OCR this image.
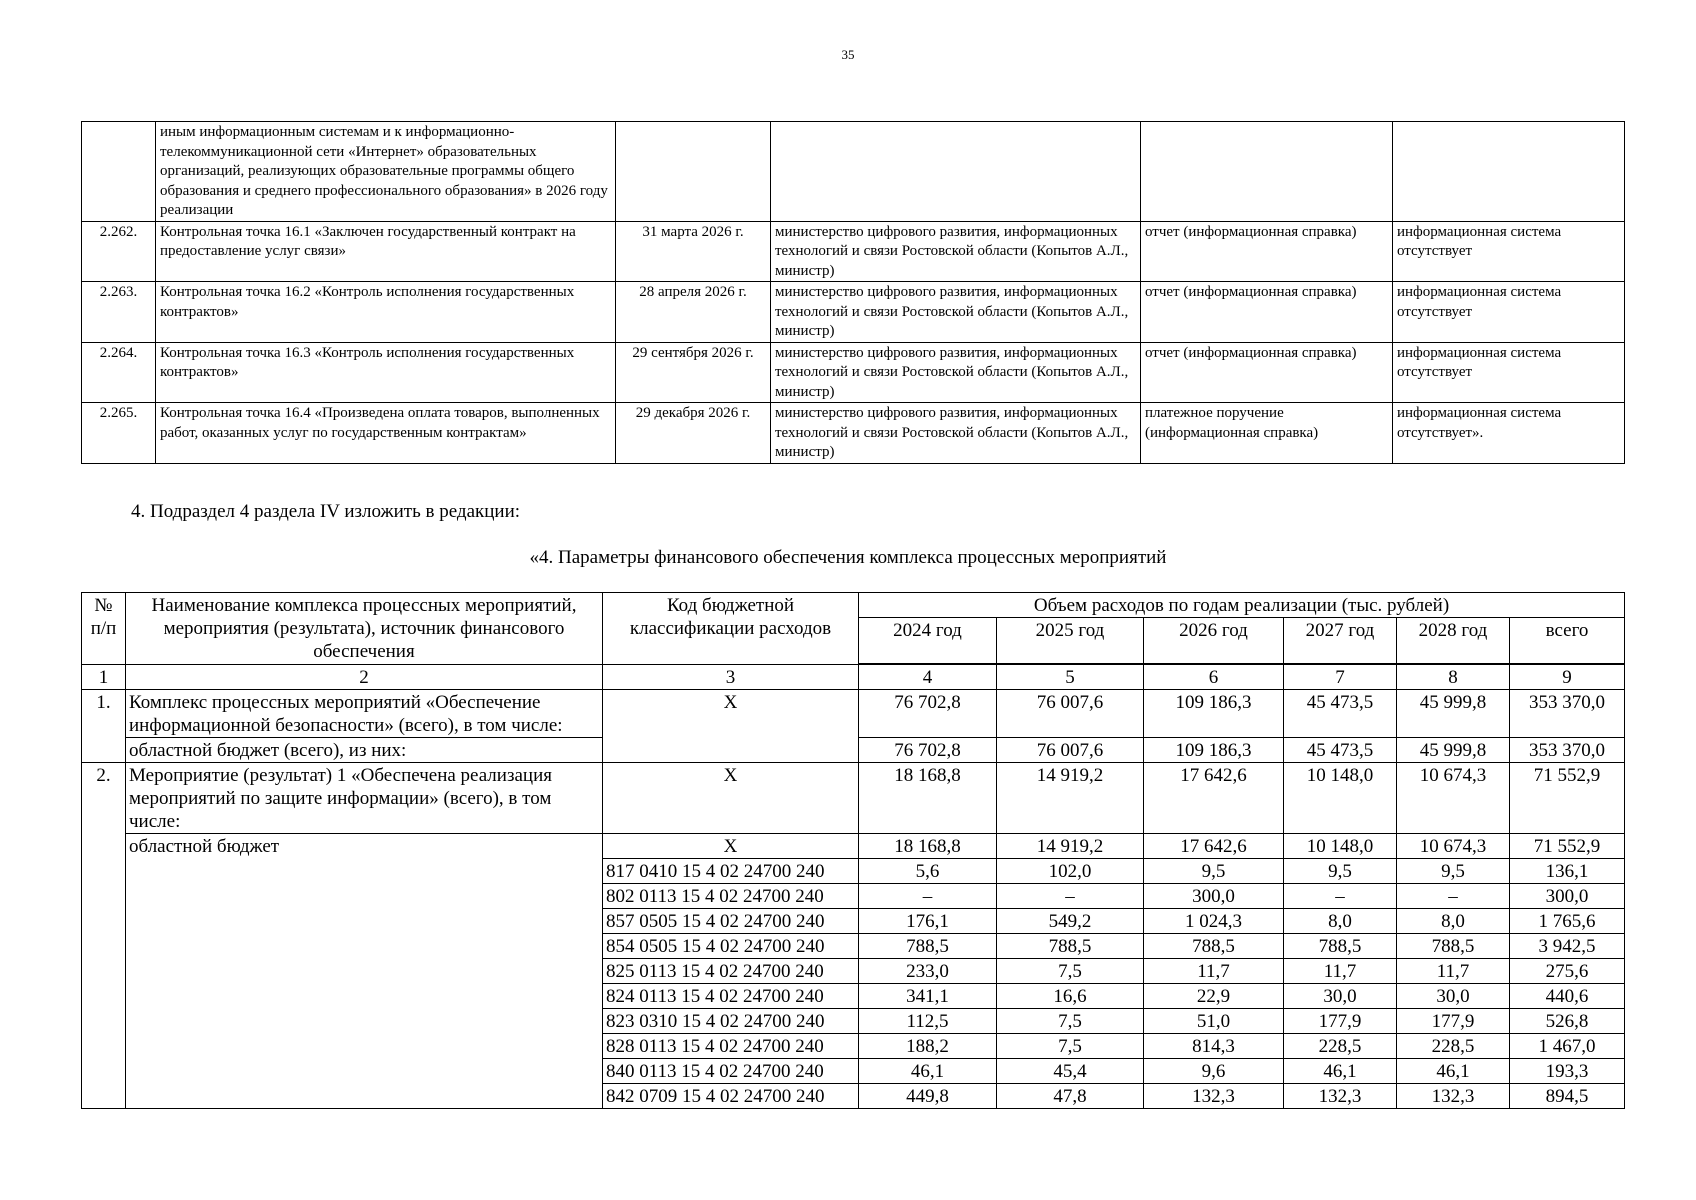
35
	иным информационным системам и к информационно-телекоммуникационной сети «Интернет» образовательных организаций, реализующих образовательные программы общего образования и среднего профессионального образования» в 2026 году реализации				
2.262.	Контрольная точка 16.1 «Заключен государственный контракт на предоставление услуг связи»	31 марта 2026 г.	министерство цифрового развития, информационных технологий и связи Ростовской области (Копытов А.Л., министр)	отчет (информационная справка)	информационная система отсутствует
2.263.	Контрольная точка 16.2 «Контроль исполнения государственных контрактов»	28 апреля 2026 г.	министерство цифрового развития, информационных технологий и связи Ростовской области (Копытов А.Л., министр)	отчет (информационная справка)	информационная система отсутствует
2.264.	Контрольная точка 16.3 «Контроль исполнения государственных контрактов»	29 сентября 2026 г.	министерство цифрового развития, информационных технологий и связи Ростовской области (Копытов А.Л., министр)	отчет (информационная справка)	информационная система отсутствует
2.265.	Контрольная точка 16.4 «Произведена оплата товаров, выполненных работ, оказанных услуг по государственным контрактам»	29 декабря 2026 г.	министерство цифрового развития, информационных технологий и связи Ростовской области (Копытов А.Л., министр)	платежное поручение (информационная справка)	информационная система отсутствует».
4. Подраздел 4 раздела IV изложить в редакции:
«4. Параметры финансового обеспечения комплекса процессных мероприятий
№ п/п	Наименование комплекса процессных мероприятий, мероприятия (результата), источник финансового обеспечения	Код бюджетной классификации расходов	Объем расходов по годам реализации (тыс. рублей)					
			2024 год	2025 год	2026 год	2027 год	2028 год	всего
1	2	3	4	5	6	7	8	9
1.	Комплекс процессных мероприятий «Обеспечение информационной безопасности» (всего), в том числе:	X	76 702,8	76 007,6	109 186,3	45 473,5	45 999,8	353 370,0
	областной бюджет (всего), из них:		76 702,8	76 007,6	109 186,3	45 473,5	45 999,8	353 370,0
2.	Мероприятие (результат) 1 «Обеспечена реализация мероприятий по защите информации» (всего), в том числе:	X	18 168,8	14 919,2	17 642,6	10 148,0	10 674,3	71 552,9
	областной бюджет	X	18 168,8	14 919,2	17 642,6	10 148,0	10 674,3	71 552,9
		817 0410 15 4 02 24700 240	5,6	102,0	9,5	9,5	9,5	136,1
		802 0113 15 4 02 24700 240	–	–	300,0	–	–	300,0
		857 0505 15 4 02 24700 240	176,1	549,2	1 024,3	8,0	8,0	1 765,6
		854 0505 15 4 02 24700 240	788,5	788,5	788,5	788,5	788,5	3 942,5
		825 0113 15 4 02 24700 240	233,0	7,5	11,7	11,7	11,7	275,6
		824 0113 15 4 02 24700 240	341,1	16,6	22,9	30,0	30,0	440,6
		823 0310 15 4 02 24700 240	112,5	7,5	51,0	177,9	177,9	526,8
		828 0113 15 4 02 24700 240	188,2	7,5	814,3	228,5	228,5	1 467,0
		840 0113 15 4 02 24700 240	46,1	45,4	9,6	46,1	46,1	193,3
		842 0709 15 4 02 24700 240	449,8	47,8	132,3	132,3	132,3	894,5
